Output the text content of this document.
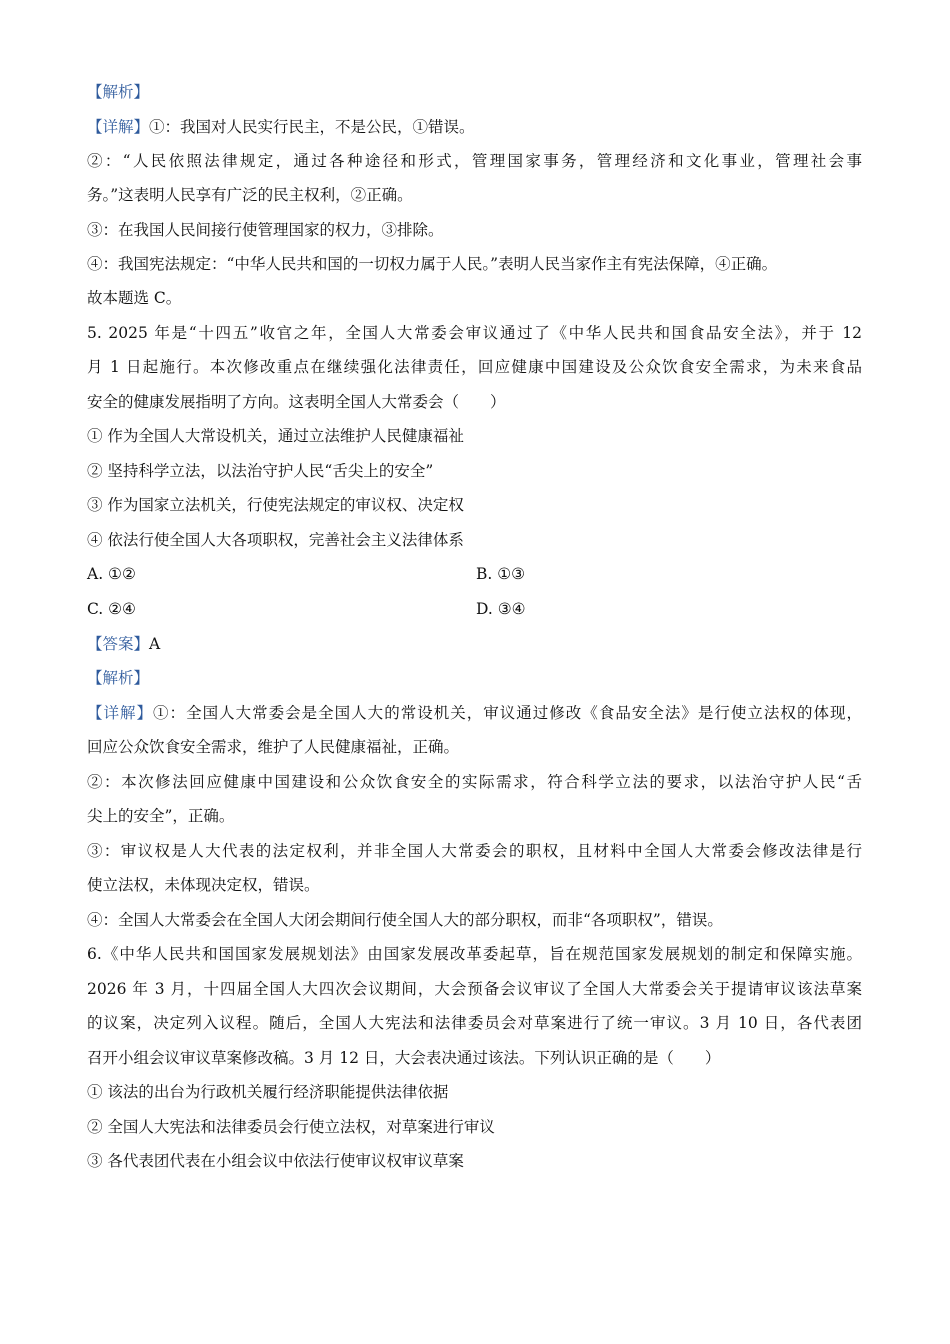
【解析】
【详解】①：我国对人民实行民主，不是公民，①错误。
②：“人民依照法律规定，通过各种途径和形式，管理国家事务，管理经济和文化事业，管理社会事
务。”这表明人民享有广泛的民主权利，②正确。
③：在我国人民间接行使管理国家的权力，③排除。
④：我国宪法规定：“中华人民共和国的一切权力属于人民。”表明人民当家作主有宪法保障，④正确。
故本题选 C。
5. 2025 年是“十四五”收官之年，全国人大常委会审议通过了《中华人民共和国食品安全法》，并于 12
月 1 日起施行。本次修改重点在继续强化法律责任，回应健康中国建设及公众饮食安全需求，为未来食品
安全的健康发展指明了方向。这表明全国人大常委会（　　）
① 作为全国人大常设机关，通过立法维护人民健康福祉
② 坚持科学立法，以法治守护人民“舌尖上的安全”
③ 作为国家立法机关，行使宪法规定的审议权、决定权
④ 依法行使全国人大各项职权，完善社会主义法律体系
A. ①②	B. ①③
C. ②④	D. ③④
【答案】A
【解析】
【详解】①：全国人大常委会是全国人大的常设机关，审议通过修改《食品安全法》是行使立法权的体现，
回应公众饮食安全需求，维护了人民健康福祉，正确。
②：本次修法回应健康中国建设和公众饮食安全的实际需求，符合科学立法的要求，以法治守护人民“舌
尖上的安全”，正确。
③：审议权是人大代表的法定权利，并非全国人大常委会的职权，且材料中全国人大常委会修改法律是行
使立法权，未体现决定权，错误。
④：全国人大常委会在全国人大闭会期间行使全国人大的部分职权，而非“各项职权”，错误。
6.《中华人民共和国国家发展规划法》由国家发展改革委起草，旨在规范国家发展规划的制定和保障实施。
2026 年 3 月，十四届全国人大四次会议期间，大会预备会议审议了全国人大常委会关于提请审议该法草案
的议案，决定列入议程。随后，全国人大宪法和法律委员会对草案进行了统一审议。3 月 10 日，各代表团
召开小组会议审议草案修改稿。3 月 12 日，大会表决通过该法。下列认识正确的是（　　）
① 该法的出台为行政机关履行经济职能提供法律依据
② 全国人大宪法和法律委员会行使立法权，对草案进行审议
③ 各代表团代表在小组会议中依法行使审议权审议草案
